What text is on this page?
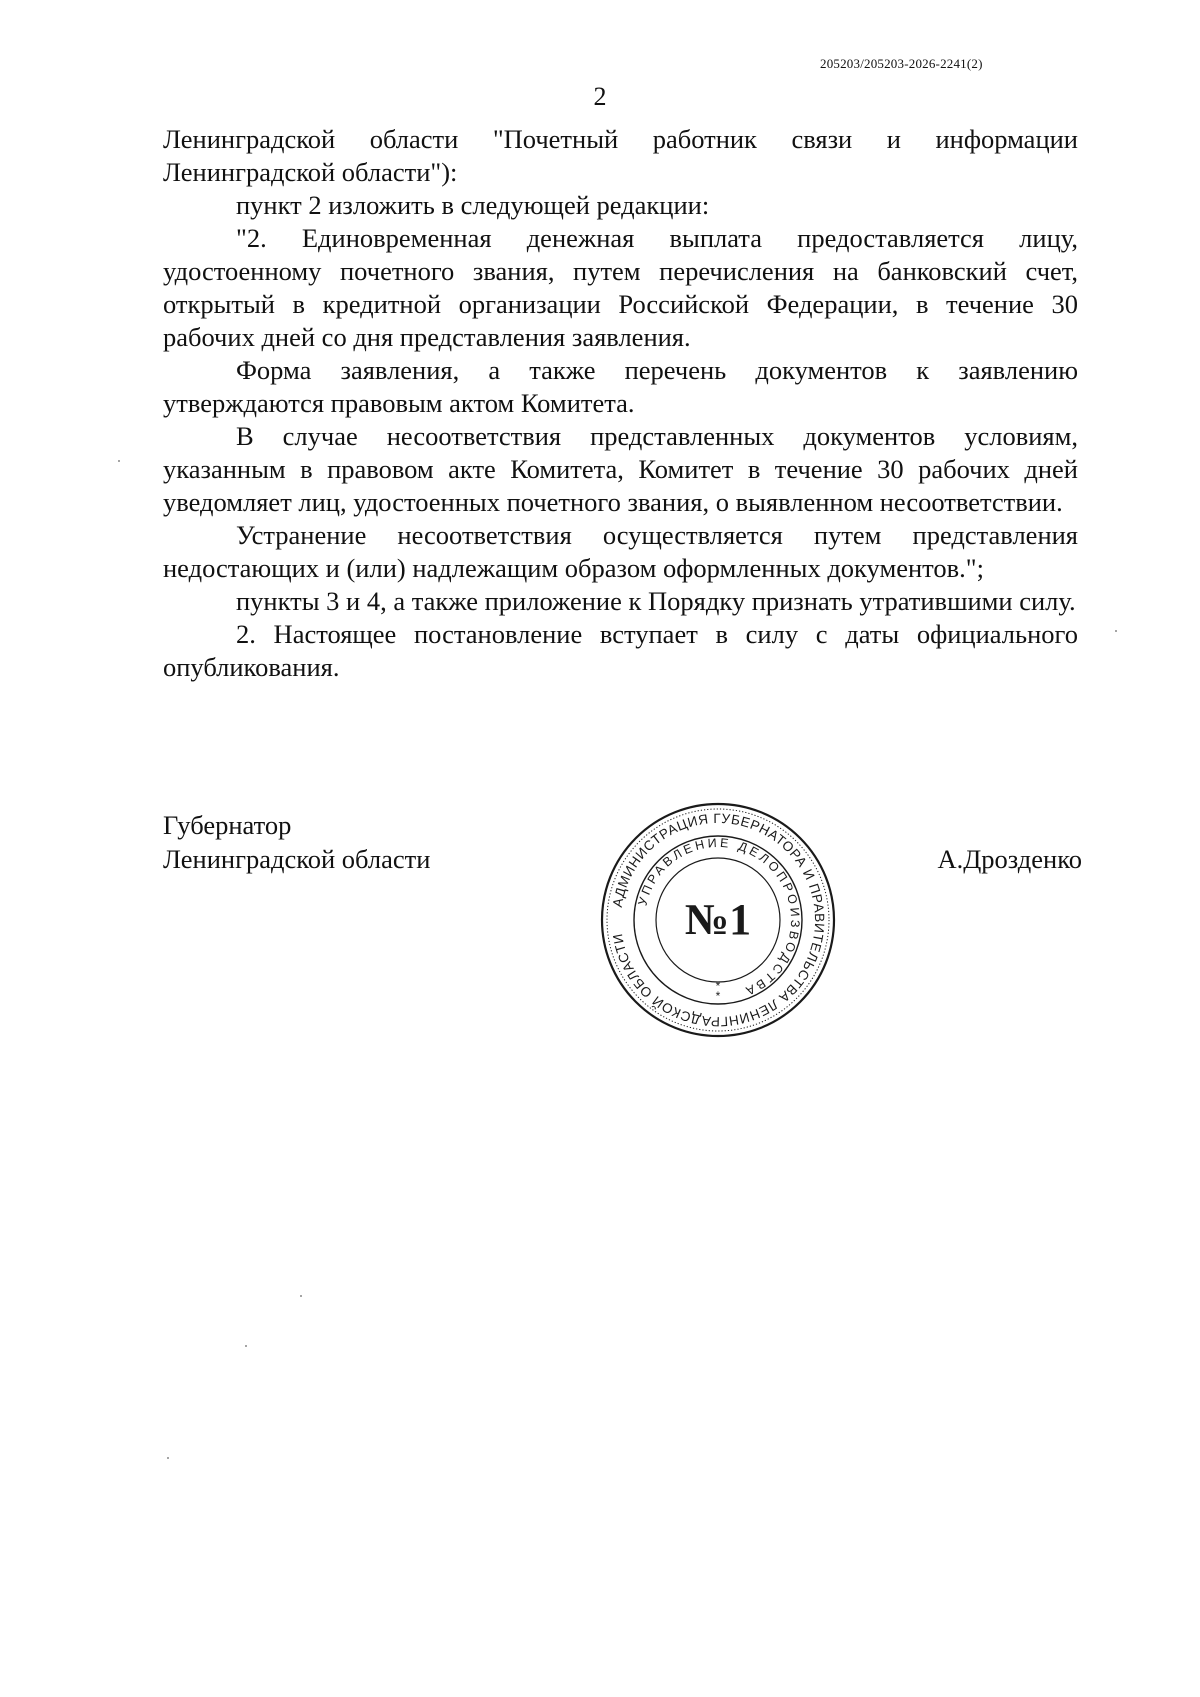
205203/205203-2026-2241(2)
2

Ленинградской области "Почетный работник связи и информации Ленинградской области"):

пункт 2 изложить в следующей редакции:

"2. Единовременная денежная выплата предоставляется лицу, удостоенному почетного звания, путем перечисления на банковский счет, открытый в кредитной организации Российской Федерации, в течение 30 рабочих дней со дня представления заявления.

Форма заявления, а также перечень документов к заявлению утверждаются правовым актом Комитета.

В случае несоответствия представленных документов условиям, указанным в правовом акте Комитета, Комитет в течение 30 рабочих дней уведомляет лиц, удостоенных почетного звания, о выявленном несоответствии.

Устранение несоответствия осуществляется путем представления недостающих и (или) надлежащим образом оформленных документов.";

пункты 3 и 4, а также приложение к Порядку признать утратившими силу.

2. Настоящее постановление вступает в силу с даты официального опубликования.

Губернатор
Ленинградской области	А.Дрозденко
АДМИНИСТРАЦИЯ ГУБЕРНАТОРА И ПРАВИТЕЛЬСТВА ЛЕНИНГРАДСКОЙ ОБЛАСТИ
УПРАВЛЕНИЕ ДЕЛОПРОИЗВОДСТВА
№1
*
*
